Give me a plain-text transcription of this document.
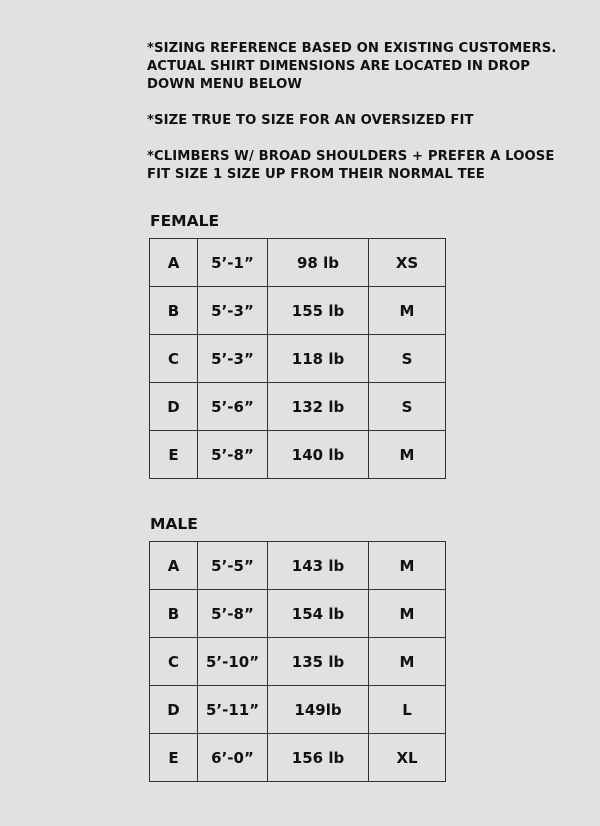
*SIZING REFERENCE BASED ON EXISTING CUSTOMERS.
ACTUAL SHIRT DIMENSIONS ARE LOCATED IN DROP
DOWN MENU BELOW

*SIZE TRUE TO SIZE FOR AN OVERSIZED FIT

*CLIMBERS W/ BROAD SHOULDERS + PREFER A LOOSE
FIT SIZE 1 SIZE UP FROM THEIR NORMAL TEE

FEMALE
A	5’-1”	98 lb	XS
B	5’-3”	155 lb	M
C	5’-3”	118 lb	S
D	5’-6”	132 lb	S
E	5’-8”	140 lb	M
MALE
A	5’-5”	143 lb	M
B	5’-8”	154 lb	M
C	5’-10”	135 lb	M
D	5’-11”	149lb	L
E	6’-0”	156 lb	XL
